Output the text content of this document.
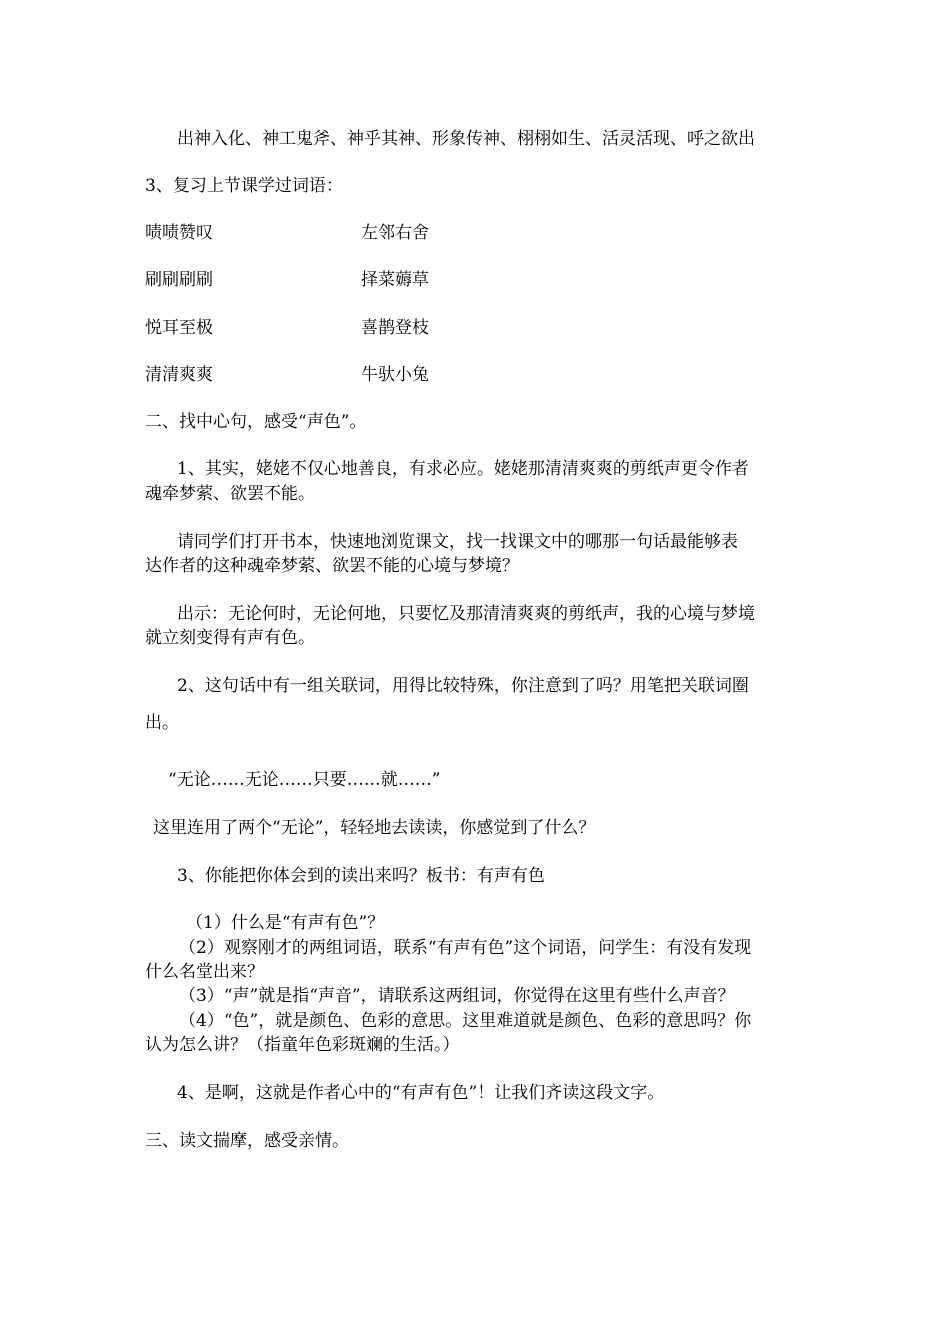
出神入化、神工鬼斧、神乎其神、形象传神、栩栩如生、活灵活现、呼之欲出
3、复习上节课学过词语：
啧啧赞叹	左邻右舍
刷刷刷刷	择菜薅草
悦耳至极	喜鹊登枝
清清爽爽	牛驮小兔
二、找中心句，感受“声色”。
1、其实，姥姥不仅心地善良，有求必应。姥姥那清清爽爽的剪纸声更令作者
魂牵梦萦、欲罢不能。
请同学们打开书本，快速地浏览课文，找一找课文中的哪那一句话最能够表
达作者的这种魂牵梦萦、欲罢不能的心境与梦境？
出示：无论何时，无论何地，只要忆及那清清爽爽的剪纸声，我的心境与梦境
就立刻变得有声有色。
2、这句话中有一组关联词，用得比较特殊，你注意到了吗？用笔把关联词圈
出。
“无论……无论……只要……就……”
这里连用了两个“无论”，轻轻地去读读，你感觉到了什么？
3、你能把你体会到的读出来吗？板书：有声有色
（1）什么是“有声有色”？
（2）观察刚才的两组词语，联系“有声有色”这个词语，问学生：有没有发现
什么名堂出来？
（3）“声”就是指“声音”，请联系这两组词，你觉得在这里有些什么声音？
（4）“色”，就是颜色、色彩的意思。这里难道就是颜色、色彩的意思吗？你
认为怎么讲？（指童年色彩斑斓的生活。）
4、是啊，这就是作者心中的“有声有色”！让我们齐读这段文字。
三、读文揣摩，感受亲情。
